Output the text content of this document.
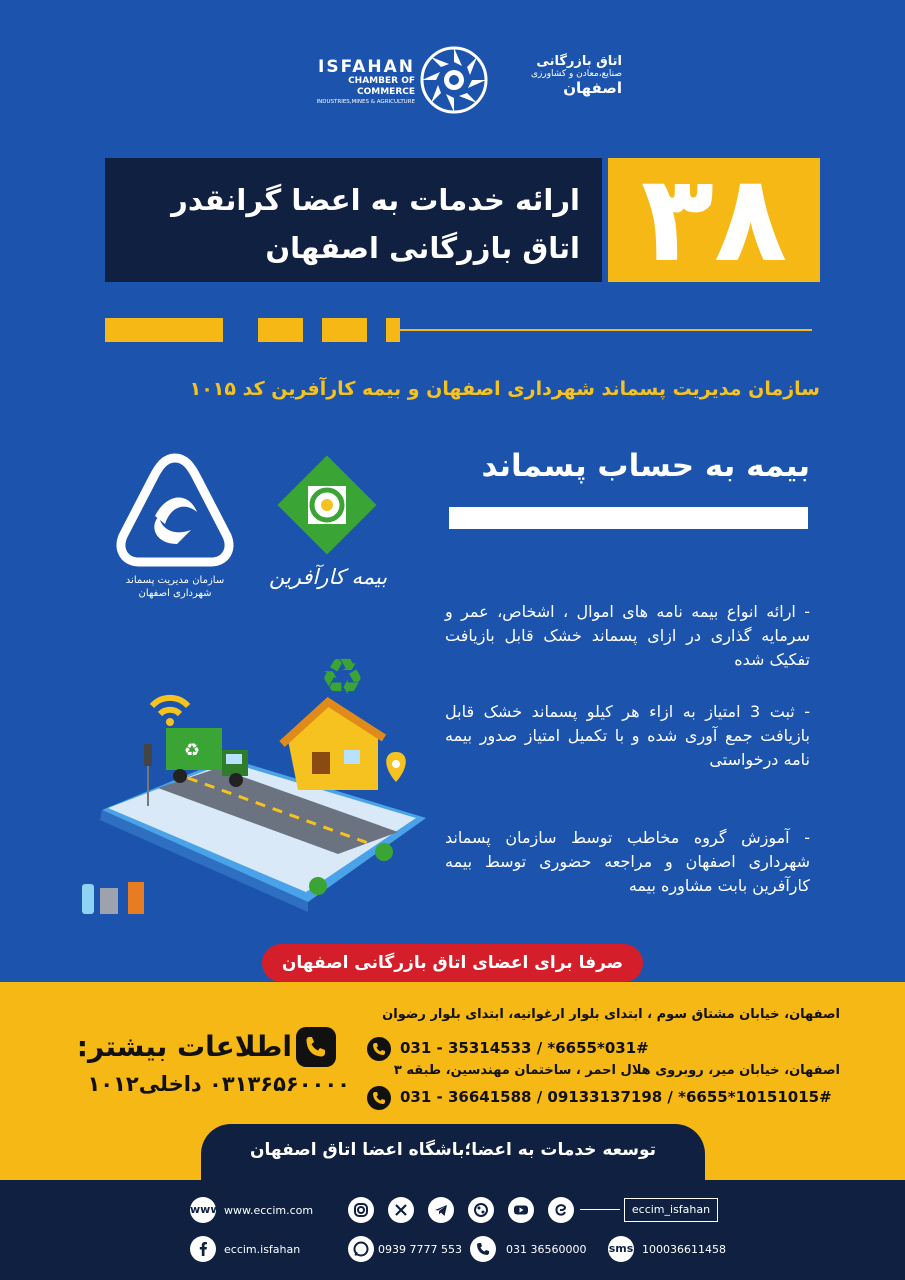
ISFAHAN
CHAMBER OF COMMERCE
INDUSTRIES,MINES & AGRICULTURE
اتاق بازرگانی
صنایع،معادن و کشاورزی
اصفهان
ارائه خدمات به اعضا گرانقدر
اتاق بازرگانی اصفهان ۳۸
سازمان مدیریت پسماند شهرداری اصفهان و بیمه کارآفرین کد ۱۰۱۵
بیمه به حساب پسماند
سازمان مدیریت پسماند
شهرداری اصفهان
بیمه کارآفرین
♻
♻
- ارائه انواع بیمه نامه های اموال ، اشخاص، عمر و سرمایه گذاری در ازای پسماند خشک قابل بازیافت تفکیک شده
- ثبت 3 امتیاز به ازاء هر کیلو پسماند خشک قابل بازیافت جمع آوری شده و با تکمیل امتیاز صدور بیمه نامه درخواستی
- آموزش گروه مخاطب توسط سازمان پسماند شهرداری اصفهان و مراجعه حضوری توسط بیمه کارآفرین بابت مشاوره بیمه
صرفا برای اعضای اتاق بازرگانی اصفهان
اصفهان، خیابان مشتاق سوم ، ابتدای بلوار ارغوانیه، ابتدای بلوار رضوان
031 - 35314533 / *6655*031#
اصفهان، خیابان میر، روبروی هلال احمر ، ساختمان مهندسین، طبقه ۳
031 - 36641588 / 09133137198 / *6655*10151015#
اطلاعات بیشتر:
۰۳۱۳۶۵۶۰۰۰۰ داخلی۱۰۱۲
توسعه خدمات به اعضا؛باشگاه اعضا اتاق اصفهان
www www.eccim.com
eccim.isfahan
eccim_isfahan
0939 7777 553	031 36560000 sms 100036611458
